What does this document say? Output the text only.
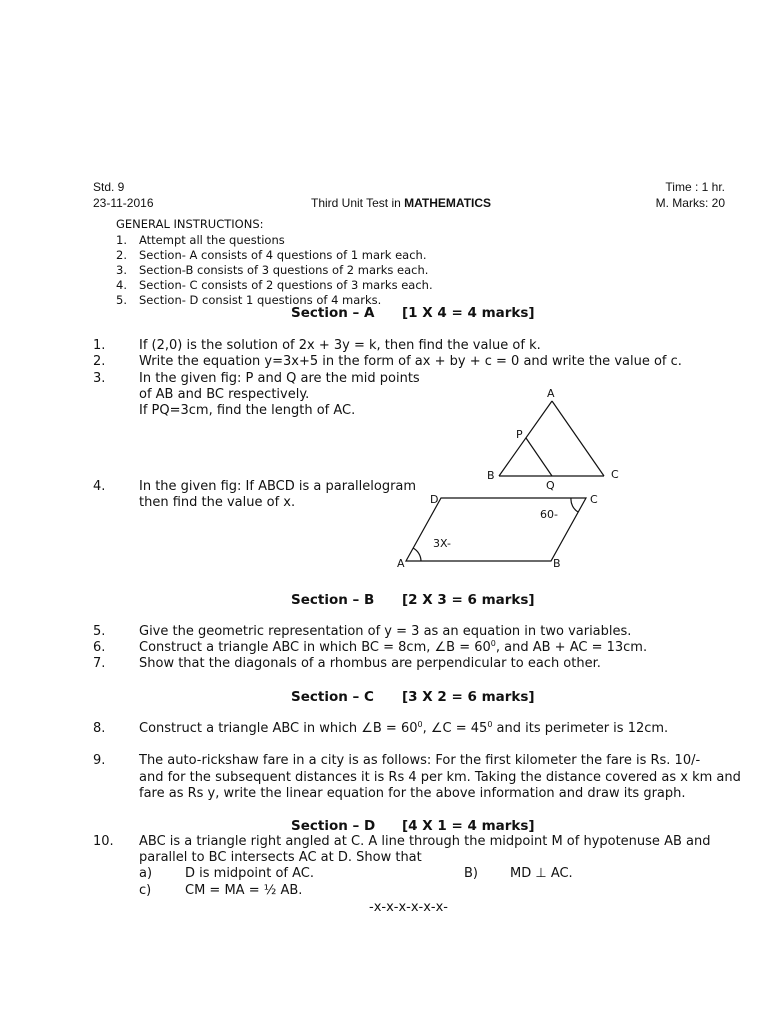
Std. 9	Time : 1 hr.
23-11-2016	Third Unit Test in MATHEMATICS	M. Marks: 20
GENERAL INSTRUCTIONS:
1. Attempt all the questions
2. Section- A consists of 4 questions of 1 mark each.
3. Section-B consists of 3 questions of 2 marks each.
4. Section- C consists of 2 questions of 3 marks each.
5. Section- D consist 1 questions of 4 marks.
Section – A [1 X 4 = 4 marks]
1.	If (2,0) is the solution of 2x + 3y = k, then find the value of k.
2.	Write the equation y=3x+5 in the form of ax + by + c = 0 and write the value of c.
3.	In the given fig: P and Q are the mid points
of AB and BC respectively.
If PQ=3cm, find the length of AC.
A
P
B	C
Q
4.	In the given fig: If ABCD is a parallelogram
then find the value of x.	D	C
60-
3X-
A	B
Section – B [2 X 3 = 6 marks]
5.	Give the geometric representation of y = 3 as an equation in two variables.
6.	Construct a triangle ABC in which BC = 8cm, ∠B = $60^0$, and AB + AC = 13cm.
7.	Show that the diagonals of a rhombus are perpendicular to each other.
Section – C [3 X 2 = 6 marks]
8.	Construct a triangle ABC in which ∠B = $60^0$, ∠C = $45^0$ and its perimeter is 12cm.
9.	The auto-rickshaw fare in a city is as follows: For the first kilometer the fare is Rs. 10/-
and for the subsequent distances it is Rs 4 per km. Taking the distance covered as x km and
fare as Rs y, write the linear equation for the above information and draw its graph.
Section – D [4 X 1 = 4 marks]
10. ABC is a triangle right angled at C. A line through the midpoint M of hypotenuse AB and
parallel to BC intersects AC at D. Show that
a)	D is midpoint of AC.	B) MD ⊥ AC.
c)	CM = MA = ½ AB.
-x-x-x-x-x-x-
